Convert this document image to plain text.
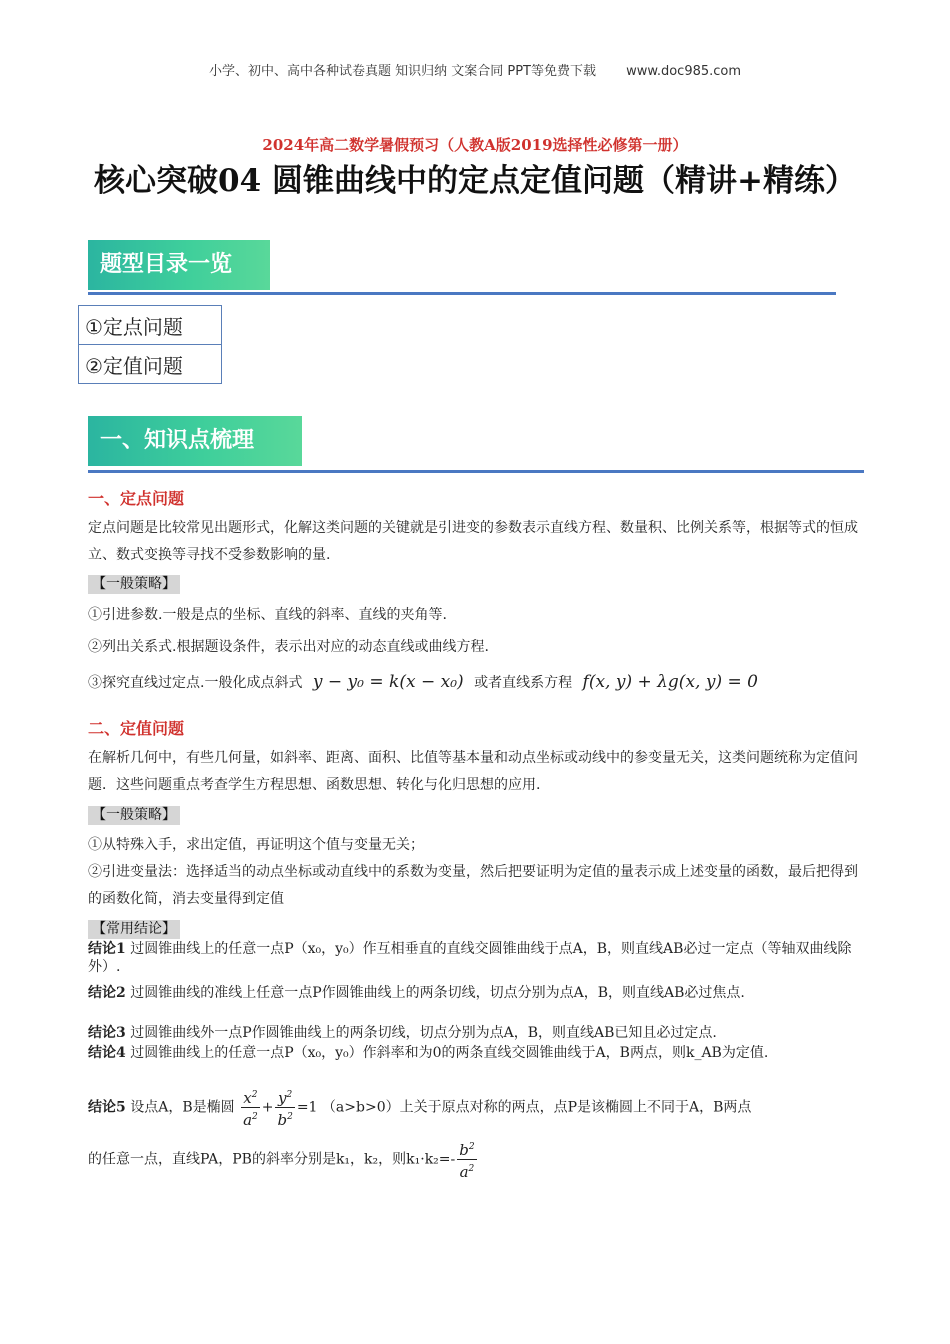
小学、初中、高中各种试卷真题 知识归纳 文案合同 PPT等免费下载 www.doc985.com
2024年高二数学暑假预习（人教A版2019选择性必修第一册）
核心突破04 圆锥曲线中的定点定值问题（精讲+精练）
题型目录一览
①定点问题
②定值问题
一、知识点梳理
一、定点问题
定点问题是比较常见出题形式，化解这类问题的关键就是引进变的参数表示直线方程、数量积、比例关系等，根据等式的恒成立、数式变换等寻找不受参数影响的量.
【一般策略】
①引进参数.一般是点的坐标、直线的斜率、直线的夹角等.
②列出关系式.根据题设条件，表示出对应的动态直线或曲线方程.
③探究直线过定点.一般化成点斜式 y − y₀ = k(x − x₀) 或者直线系方程 f(x, y) + λg(x, y) = 0
二、定值问题
在解析几何中，有些几何量，如斜率、距离、面积、比值等基本量和动点坐标或动线中的参变量无关，这类问题统称为定值问题．这些问题重点考查学生方程思想、函数思想、转化与化归思想的应用.
【一般策略】
①从特殊入手，求出定值，再证明这个值与变量无关；
②引进变量法：选择适当的动点坐标或动直线中的系数为变量，然后把要证明为定值的量表示成上述变量的函数，最后把得到的函数化简，消去变量得到定值
【常用结论】
结论1 过圆锥曲线上的任意一点P（x₀，y₀）作互相垂直的直线交圆锥曲线于点A，B，则直线AB必过一定点（等轴双曲线除外）.
结论2 过圆锥曲线的准线上任意一点P作圆锥曲线上的两条切线，切点分别为点A，B，则直线AB必过焦点.
结论3 过圆锥曲线外一点P作圆锥曲线上的两条切线，切点分别为点A，B，则直线AB已知且必过定点.
结论4 过圆锥曲线上的任意一点P（x₀，y₀）作斜率和为0的两条直线交圆锥曲线于A，B两点，则k_AB为定值.
结论5 设点A，B是椭圆 $\frac{x^2}{a^2} + \frac{y^2}{b^2} =1$ （a>b>0）上关于原点对称的两点，点P是该椭圆上不同于A，B两点
的任意一点，直线PA，PB的斜率分别是k₁，k₂，则$k_1\cdot k_2=- \frac{b^2}{a^2}$
